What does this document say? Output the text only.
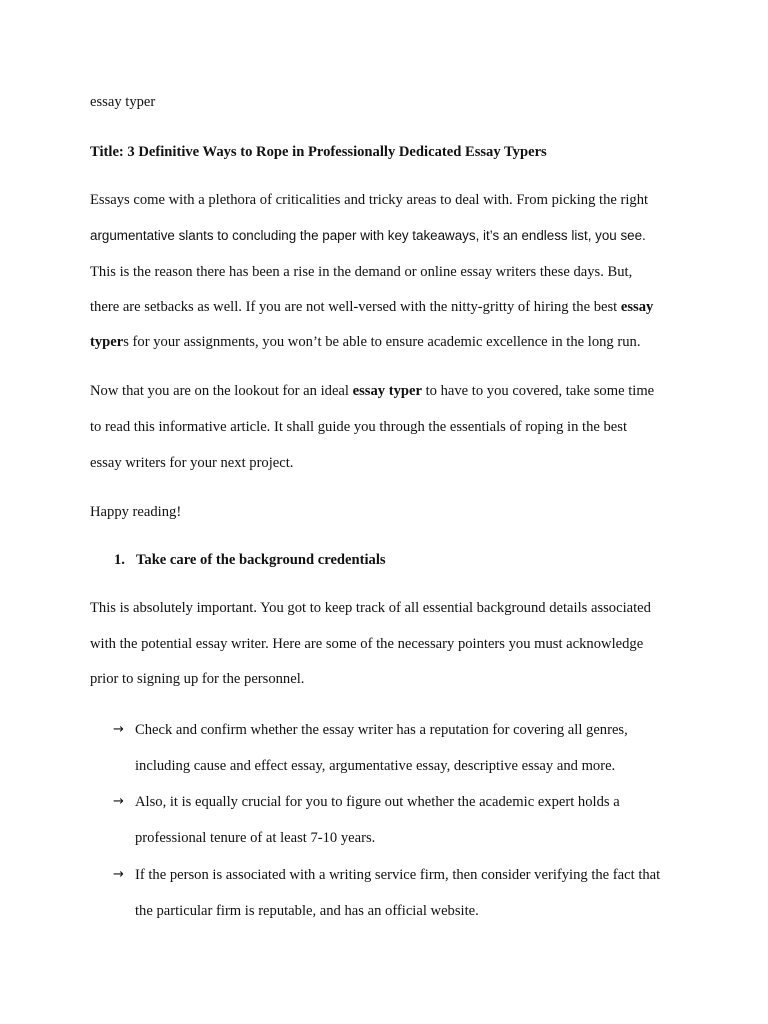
essay typer
Title: 3 Definitive Ways to Rope in Professionally Dedicated Essay Typers
Essays come with a plethora of criticalities and tricky areas to deal with. From picking the right
argumentative slants to concluding the paper with key takeaways, it’s an endless list, you see.
This is the reason there has been a rise in the demand or online essay writers these days. But,
there are setbacks as well. If you are not well-versed with the nitty-gritty of hiring the best essay
typers for your assignments, you won’t be able to ensure academic excellence in the long run.
Now that you are on the lookout for an ideal essay typer to have to you covered, take some time
to read this informative article. It shall guide you through the essentials of roping in the best
essay writers for your next project.
Happy reading!
1. Take care of the background credentials
This is absolutely important. You got to keep track of all essential background details associated
with the potential essay writer. Here are some of the necessary pointers you must acknowledge
prior to signing up for the personnel.
→ Check and confirm whether the essay writer has a reputation for covering all genres,
including cause and effect essay, argumentative essay, descriptive essay and more.
→ Also, it is equally crucial for you to figure out whether the academic expert holds a
professional tenure of at least 7-10 years.
→ If the person is associated with a writing service firm, then consider verifying the fact that
the particular firm is reputable, and has an official website.
